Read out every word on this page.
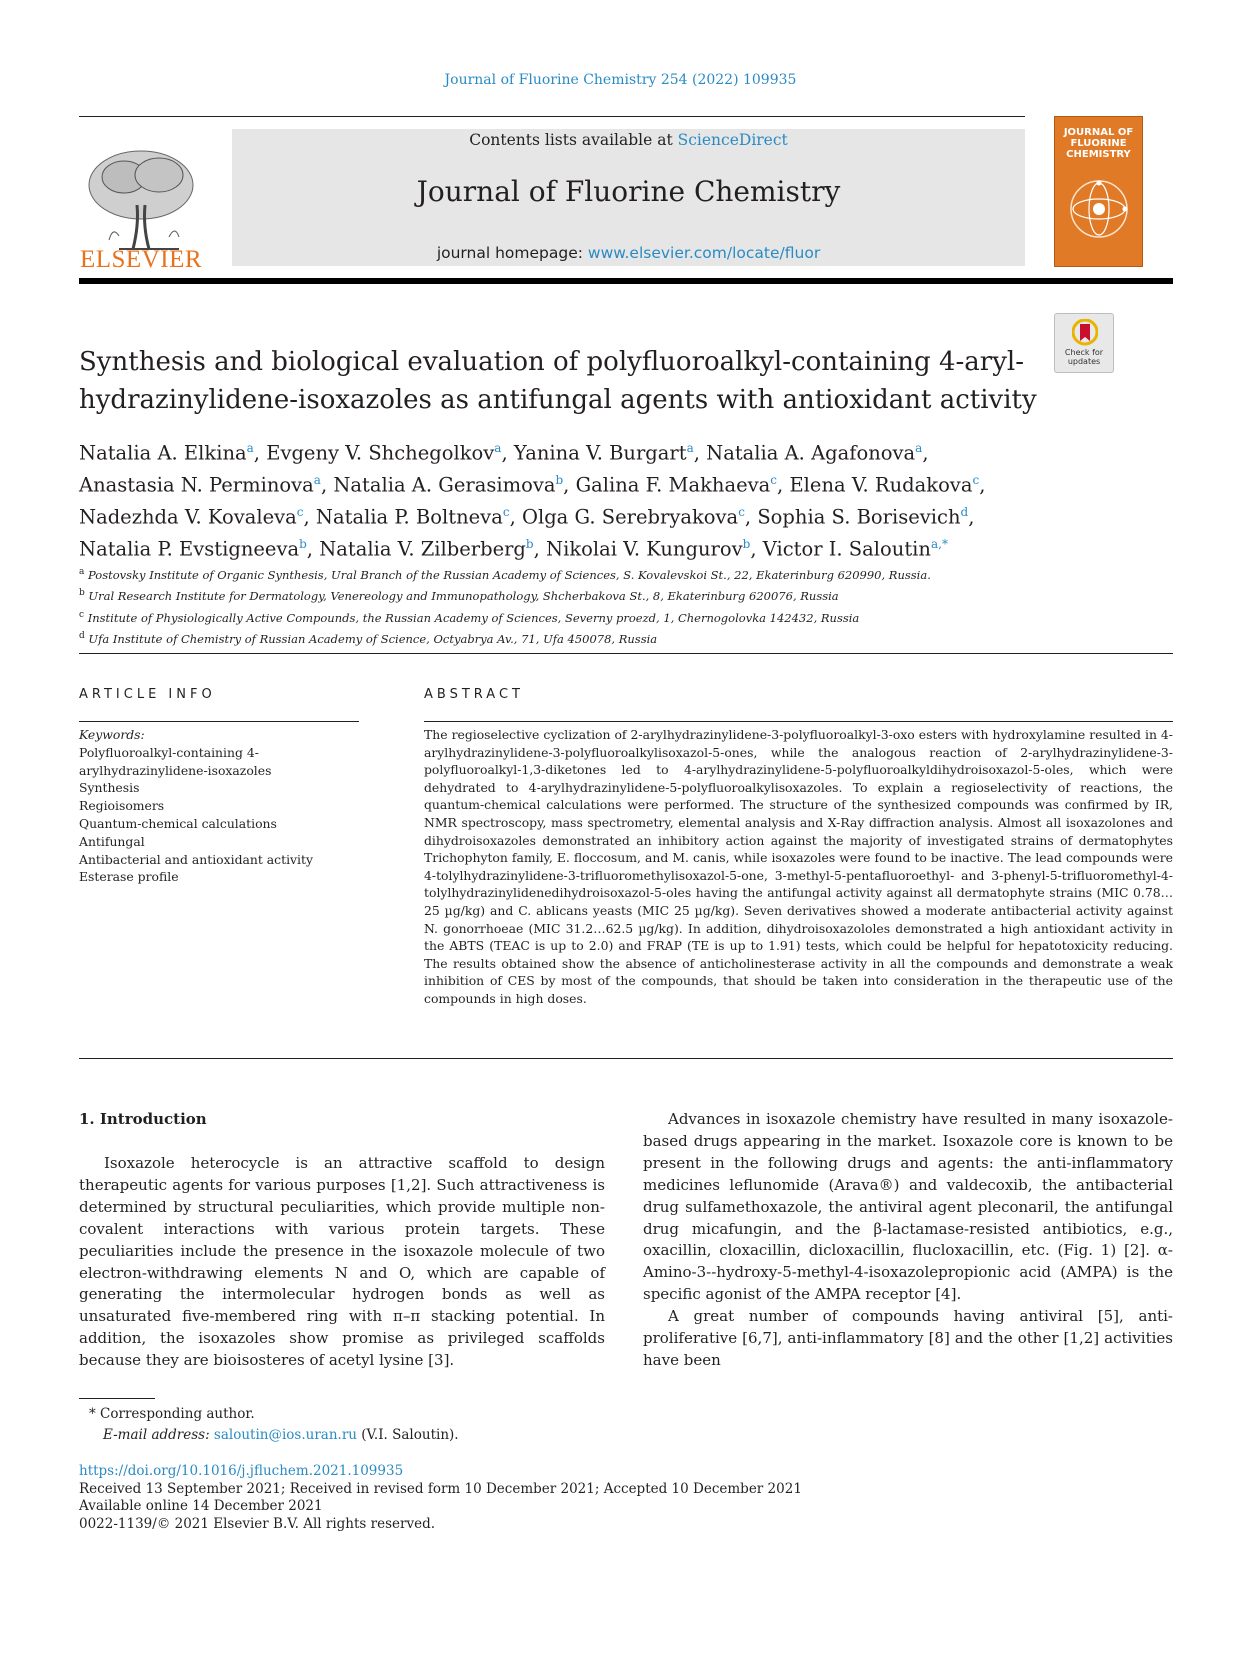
Journal of Fluorine Chemistry 254 (2022) 109935
ELSEVIER
Contents lists available at ScienceDirect
Journal of Fluorine Chemistry
journal homepage: www.elsevier.com/locate/fluor
JOURNAL OF FLUORINE CHEMISTRY
Check for updates
Synthesis and biological evaluation of polyfluoroalkyl-containing 4-aryl-
hydrazinylidene-isoxazoles as antifungal agents with antioxidant activity
Natalia A. Elkina$^a$, Evgeny V. Shchegolkov$^a$, Yanina V. Burgart$^a$, Natalia A. Agafonova$^a$,
Anastasia N. Perminova$^a$, Natalia A. Gerasimova$^b$, Galina F. Makhaeva$^c$, Elena V. Rudakova$^c$,
Nadezhda V. Kovaleva$^c$, Natalia P. Boltneva$^c$, Olga G. Serebryakova$^c$, Sophia S. Borisevich$^d$,
Natalia P. Evstigneeva$^b$, Natalia V. Zilberberg$^b$, Nikolai V. Kungurov$^b$, Victor I. Saloutin$^{a,*}$
$^a$ Postovsky Institute of Organic Synthesis, Ural Branch of the Russian Academy of Sciences, S. Kovalevskoi St., 22, Ekaterinburg 620990, Russia.
$^b$ Ural Research Institute for Dermatology, Venereology and Immunopathology, Shcherbakova St., 8, Ekaterinburg 620076, Russia
$^c$ Institute of Physiologically Active Compounds, the Russian Academy of Sciences, Severny proezd, 1, Chernogolovka 142432, Russia
$^d$ Ufa Institute of Chemistry of Russian Academy of Science, Octyabrya Av., 71, Ufa 450078, Russia
ARTICLE INFO
Keywords:
Polyfluoroalkyl-containing 4-
arylhydrazinylidene-isoxazoles
Synthesis
Regioisomers
Quantum-chemical calculations
Antifungal
Antibacterial and antioxidant activity
Esterase profile
ABSTRACT
The regioselective cyclization of 2-arylhydrazinylidene-3-polyfluoroalkyl-3-oxo esters with hydroxylamine resulted in 4-arylhydrazinylidene-3-polyfluoroalkylisoxazol-5-ones, while the analogous reaction of 2-arylhydrazinylidene-3-polyfluoroalkyl-1,3-diketones led to 4-arylhydrazinylidene-5-polyfluoroalkyldihydroisoxazol-5-oles, which were dehydrated to 4-arylhydrazinylidene-5-polyfluoroalkylisoxazoles. To explain a regioselectivity of reactions, the quantum-chemical calculations were performed. The structure of the synthesized compounds was confirmed by IR, NMR spectroscopy, mass spectrometry, elemental analysis and X-Ray diffraction analysis. Almost all isoxazolones and dihydroisoxazoles demonstrated an inhibitory action against the majority of investigated strains of dermatophytes Trichophyton family, E. floccosum, and M. canis, while isoxazoles were found to be inactive. The lead compounds were 4-tolylhydrazinylidene-3-trifluoromethylisoxazol-5-one, 3-methyl-5-pentafluoroethyl- and 3-phenyl-5-trifluoromethyl-4-tolylhydrazinylidenedihydroisoxazol-5-oles having the antifungal activity against all dermatophyte strains (MIC 0.78…25 µg/kg) and C. ablicans yeasts (MIC 25 µg/kg). Seven derivatives showed a moderate antibacterial activity against N. gonorrhoeae (MIC 31.2…62.5 µg/kg). In addition, dihydroisoxazololes demonstrated a high antioxidant activity in the ABTS (TEAC is up to 2.0) and FRAP (TE is up to 1.91) tests, which could be helpful for hepatotoxicity reducing. The results obtained show the absence of anticholinesterase activity in all the compounds and demonstrate a weak inhibition of CES by most of the compounds, that should be taken into consideration in the therapeutic use of the compounds in high doses.
1. Introduction

Isoxazole heterocycle is an attractive scaffold to design therapeutic agents for various purposes [1,2]. Such attractiveness is determined by structural peculiarities, which provide multiple non-covalent interactions with various protein targets. These peculiarities include the presence in the isoxazole molecule of two electron-withdrawing elements N and O, which are capable of generating the intermolecular hydrogen bonds as well as unsaturated five-membered ring with π–π stacking potential. In addition, the isoxazoles show promise as privileged scaffolds because they are bioisosteres of acetyl lysine [3].

Advances in isoxazole chemistry have resulted in many isoxazole-based drugs appearing in the market. Isoxazole core is known to be present in the following drugs and agents: the anti-inflammatory medicines leflunomide (Arava®) and valdecoxib, the antibacterial drug sulfamethoxazole, the antiviral agent pleconaril, the antifungal drug micafungin, and the β-lactamase-resisted antibiotics, e.g., oxacillin, cloxacillin, dicloxacillin, flucloxacillin, etc. (Fig. 1) [2]. α-Amino-3--hydroxy-5-methyl-4-isoxazolepropionic acid (AMPA) is the specific agonist of the AMPA receptor [4].

A great number of compounds having antiviral [5], anti-proliferative [6,7], anti-inflammatory [8] and the other [1,2] activities have been

* Corresponding author.
E-mail address: saloutin@ios.uran.ru (V.I. Saloutin).
https://doi.org/10.1016/j.jfluchem.2021.109935
Received 13 September 2021; Received in revised form 10 December 2021; Accepted 10 December 2021
Available online 14 December 2021
0022-1139/© 2021 Elsevier B.V. All rights reserved.
